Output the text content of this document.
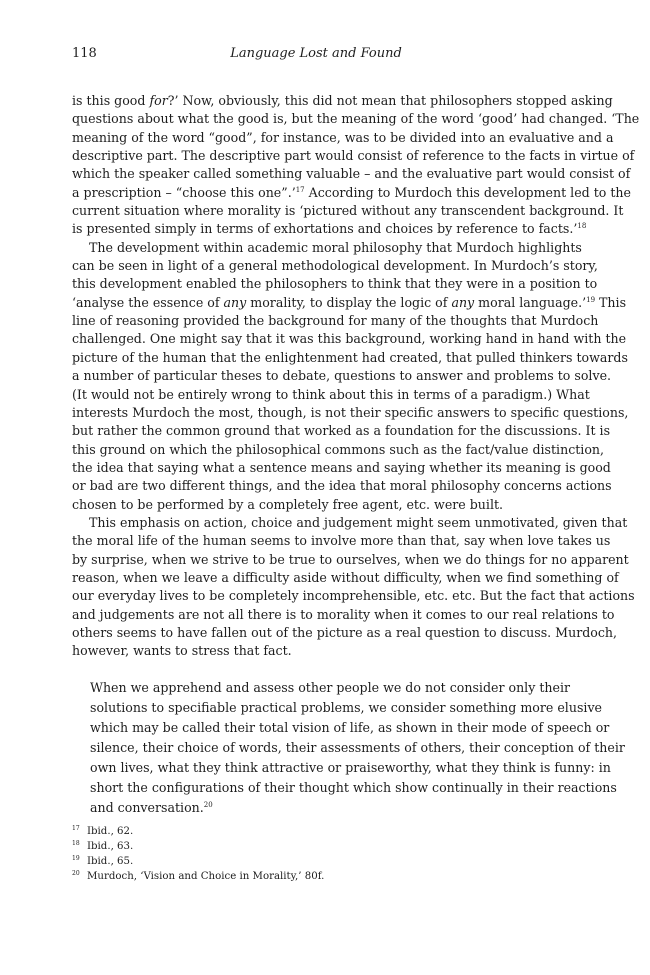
118	Language Lost and Found
is this good for?’ Now, obviously, this did not mean that philosophers stopped asking
questions about what the good is, but the meaning of the word ‘good’ had changed. ‘The
meaning of the word “good”, for instance, was to be divided into an evaluative and a
descriptive part. The descriptive part would consist of reference to the facts in virtue of
which the speaker called something valuable – and the evaluative part would consist of
a prescription – “choose this one”.’$^{17}$ According to Murdoch this development led to the
current situation where morality is ‘pictured without any transcendent background. It
is presented simply in terms of exhortations and choices by reference to facts.’$^{18}$
The development within academic moral philosophy that Murdoch highlights
can be seen in light of a general methodological development. In Murdoch’s story,
this development enabled the philosophers to think that they were in a position to
‘analyse the essence of any morality, to display the logic of any moral language.’$^{19}$ This
line of reasoning provided the background for many of the thoughts that Murdoch
challenged. One might say that it was this background, working hand in hand with the
picture of the human that the enlightenment had created, that pulled thinkers towards
a number of particular theses to debate, questions to answer and problems to solve.
(It would not be entirely wrong to think about this in terms of a paradigm.) What
interests Murdoch the most, though, is not their specific answers to specific questions,
but rather the common ground that worked as a foundation for the discussions. It is
this ground on which the philosophical commons such as the fact/value distinction,
the idea that saying what a sentence means and saying whether its meaning is good
or bad are two different things, and the idea that moral philosophy concerns actions
chosen to be performed by a completely free agent, etc. were built.
This emphasis on action, choice and judgement might seem unmotivated, given that
the moral life of the human seems to involve more than that, say when love takes us
by surprise, when we strive to be true to ourselves, when we do things for no apparent
reason, when we leave a difficulty aside without difficulty, when we find something of
our everyday lives to be completely incomprehensible, etc. etc. But the fact that actions
and judgements are not all there is to morality when it comes to our real relations to
others seems to have fallen out of the picture as a real question to discuss. Murdoch,
however, wants to stress that fact.
When we apprehend and assess other people we do not consider only their
solutions to specifiable practical problems, we consider something more elusive
which may be called their total vision of life, as shown in their mode of speech or
silence, their choice of words, their assessments of others, their conception of their
own lives, what they think attractive or praiseworthy, what they think is funny: in
short the configurations of their thought which show continually in their reactions
and conversation.$^{20}$
17 Ibid., 62.
18 Ibid., 63.
19 Ibid., 65.
20 Murdoch, ‘Vision and Choice in Morality,’ 80f.
